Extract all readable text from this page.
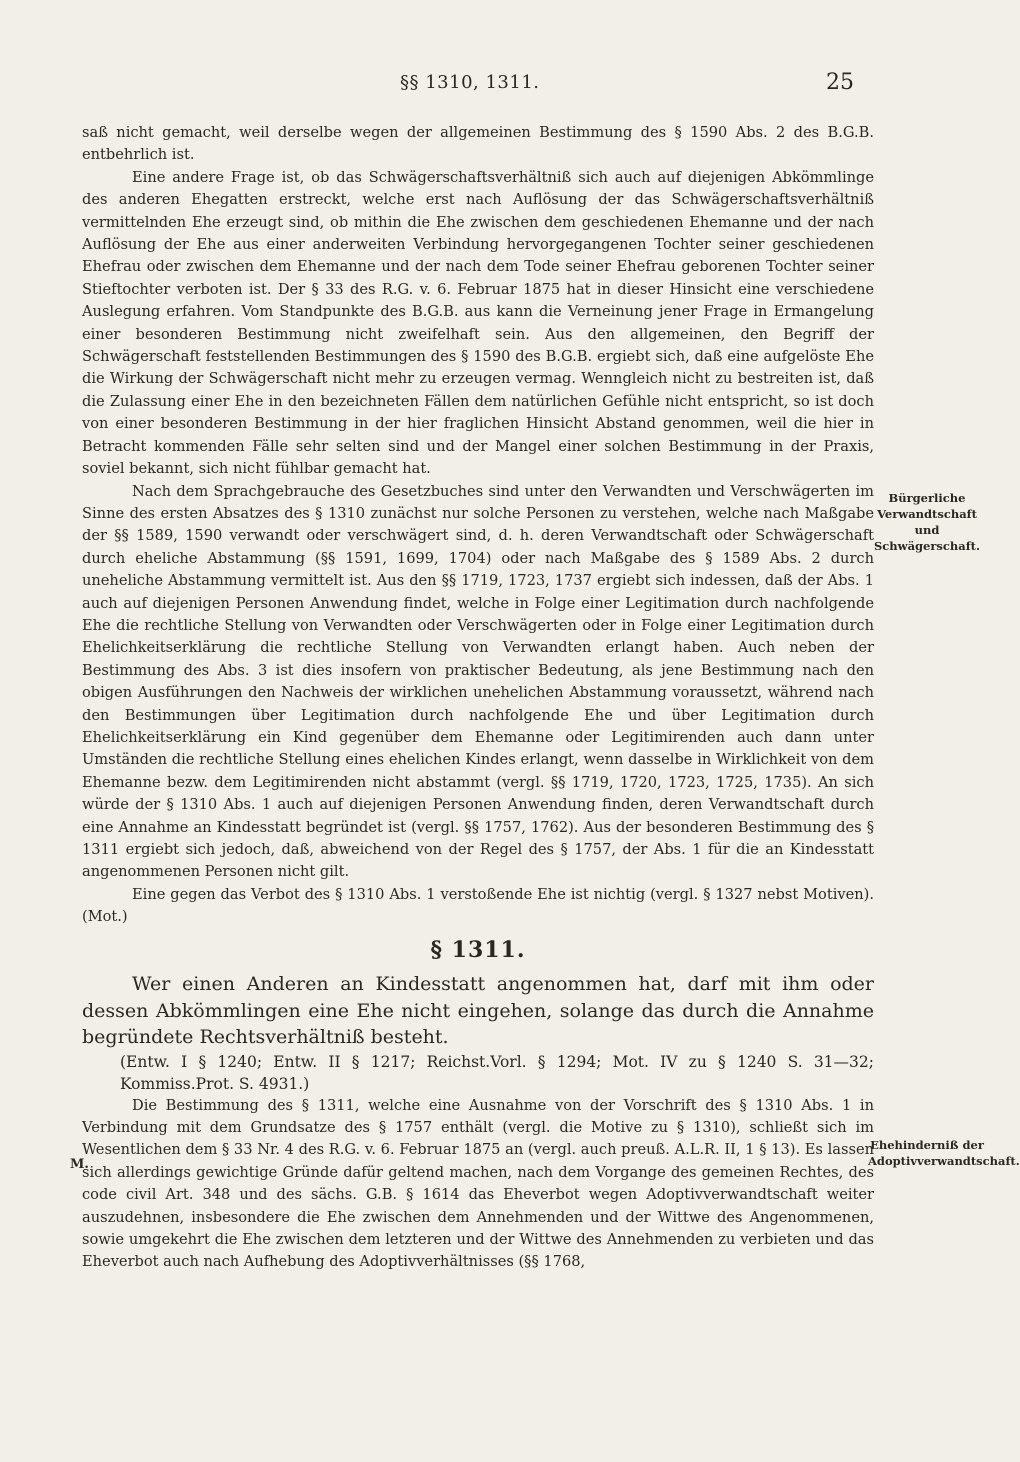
§§ 1310, 1311.	25

saß nicht gemacht, weil derselbe wegen der allgemeinen Bestimmung des § 1590 Abs. 2 des B.G.B. entbehrlich ist.

Eine andere Frage ist, ob das Schwägerschaftsverhältniß sich auch auf diejenigen Abkömmlinge des anderen Ehegatten erstreckt, welche erst nach Auflösung der das Schwägerschaftsverhältniß vermittelnden Ehe erzeugt sind, ob mithin die Ehe zwischen dem geschiedenen Ehemanne und der nach Auflösung der Ehe aus einer anderweiten Verbindung hervorgegangenen Tochter seiner geschiedenen Ehefrau oder zwischen dem Ehemanne und der nach dem Tode seiner Ehefrau geborenen Tochter seiner Stieftochter verboten ist. Der § 33 des R.G. v. 6. Februar 1875 hat in dieser Hinsicht eine verschiedene Auslegung erfahren. Vom Standpunkte des B.G.B. aus kann die Verneinung jener Frage in Ermangelung einer besonderen Bestimmung nicht zweifelhaft sein. Aus den allgemeinen, den Begriff der Schwägerschaft feststellenden Bestimmungen des § 1590 des B.G.B. ergiebt sich, daß eine aufgelöste Ehe die Wirkung der Schwägerschaft nicht mehr zu erzeugen vermag. Wenngleich nicht zu bestreiten ist, daß die Zulassung einer Ehe in den bezeichneten Fällen dem natürlichen Gefühle nicht entspricht, so ist doch von einer besonderen Bestimmung in der hier fraglichen Hinsicht Abstand genommen, weil die hier in Betracht kommenden Fälle sehr selten sind und der Mangel einer solchen Bestimmung in der Praxis, soviel bekannt, sich nicht fühlbar gemacht hat.

Nach dem Sprachgebrauche des Gesetzbuches sind unter den Verwandten und Verschwägerten im Sinne des ersten Absatzes des § 1310 zunächst nur solche Personen zu verstehen, welche nach Maßgabe der §§ 1589, 1590 verwandt oder verschwägert sind, d. h. deren Verwandtschaft oder Schwägerschaft durch eheliche Abstammung (§§ 1591, 1699, 1704) oder nach Maßgabe des § 1589 Abs. 2 durch uneheliche Abstammung vermittelt ist. Aus den §§ 1719, 1723, 1737 ergiebt sich indessen, daß der Abs. 1 auch auf diejenigen Personen Anwendung findet, welche in Folge einer Legitimation durch nachfolgende Ehe die rechtliche Stellung von Verwandten oder Verschwägerten oder in Folge einer Legitimation durch Ehelichkeitserklärung die rechtliche Stellung von Verwandten erlangt haben. Auch neben der Bestimmung des Abs. 3 ist dies insofern von praktischer Bedeutung, als jene Bestimmung nach den obigen Ausführungen den Nachweis der wirklichen unehelichen Abstammung voraussetzt, während nach den Bestimmungen über Legitimation durch nachfolgende Ehe und über Legitimation durch Ehelichkeitserklärung ein Kind gegenüber dem Ehemanne oder Legitimirenden auch dann unter Umständen die rechtliche Stellung eines ehelichen Kindes erlangt, wenn dasselbe in Wirklichkeit von dem Ehemanne bezw. dem Legitimirenden nicht abstammt (vergl. §§ 1719, 1720, 1723, 1725, 1735). An sich würde der § 1310 Abs. 1 auch auf diejenigen Personen Anwendung finden, deren Verwandtschaft durch eine Annahme an Kindesstatt begründet ist (vergl. §§ 1757, 1762). Aus der besonderen Bestimmung des § 1311 ergiebt sich jedoch, daß, abweichend von der Regel des § 1757, der Abs. 1 für die an Kindesstatt angenommenen Personen nicht gilt.

Eine gegen das Verbot des § 1310 Abs. 1 verstoßende Ehe ist nichtig (vergl. § 1327 nebst Motiven). (Mot.)

§ 1311.

Wer einen Anderen an Kindesstatt angenommen hat, darf mit ihm oder dessen Abkömmlingen eine Ehe nicht eingehen, solange das durch die Annahme begründete Rechtsverhältniß besteht.

(Entw. I § 1240; Entw. II § 1217; Reichst.Vorl. § 1294; Mot. IV zu § 1240 S. 31—32; Kommiss.Prot. S. 4931.)

Die Bestimmung des § 1311, welche eine Ausnahme von der Vorschrift des § 1310 Abs. 1 in Verbindung mit dem Grundsatze des § 1757 enthält (vergl. die Motive zu § 1310), schließt sich im Wesentlichen dem § 33 Nr. 4 des R.G. v. 6. Februar 1875 an (vergl. auch preuß. A.L.R. II, 1 § 13). Es lassen sich allerdings gewichtige Gründe dafür geltend machen, nach dem Vorgange des gemeinen Rechtes, des code civil Art. 348 und des sächs. G.B. § 1614 das Eheverbot wegen Adoptivverwandtschaft weiter auszudehnen, insbesondere die Ehe zwischen dem Annehmenden und der Wittwe des Angenommenen, sowie umgekehrt die Ehe zwischen dem letzteren und der Wittwe des Annehmenden zu verbieten und das Eheverbot auch nach Aufhebung des Adoptivverhältnisses (§§ 1768,

Bürgerliche Verwandtschaft und Schwägerschaft.
Ehehinderniß der Adoptivverwandtschaft.
M.
